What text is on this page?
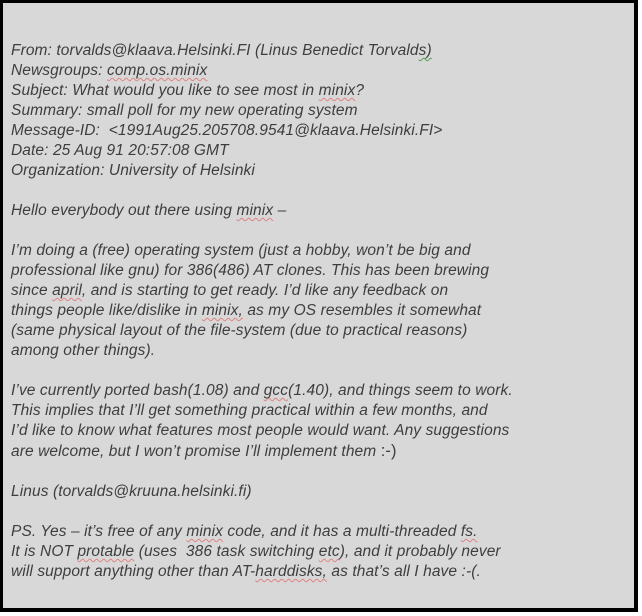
From: torvalds@klaava.Helsinki.FI (Linus Benedict Torvalds)
Newsgroups: comp.os.minix
Subject: What would you like to see most in minix?
Summary: small poll for my new operating system
Message-ID:  <1991Aug25.205708.9541@klaava.Helsinki.FI>
Date: 25 Aug 91 20:57:08 GMT
Organization: University of Helsinki

Hello everybody out there using minix –

I’m doing a (free) operating system (just a hobby, won’t be big and
professional like gnu) for 386(486) AT clones. This has been brewing
since april, and is starting to get ready. I’d like any feedback on
things people like/dislike in minix, as my OS resembles it somewhat
(same physical layout of the file-system (due to practical reasons)
among other things).

I’ve currently ported bash(1.08) and gcc(1.40), and things seem to work.
This implies that I’ll get something practical within a few months, and
I’d like to know what features most people would want. Any suggestions
are welcome, but I won’t promise I’ll implement them :-)

Linus (torvalds@kruuna.helsinki.fi)

PS. Yes – it’s free of any minix code, and it has a multi-threaded fs.
It is NOT protable (uses  386 task switching etc), and it probably never
will support anything other than AT-harddisks, as that’s all I have :-(.
